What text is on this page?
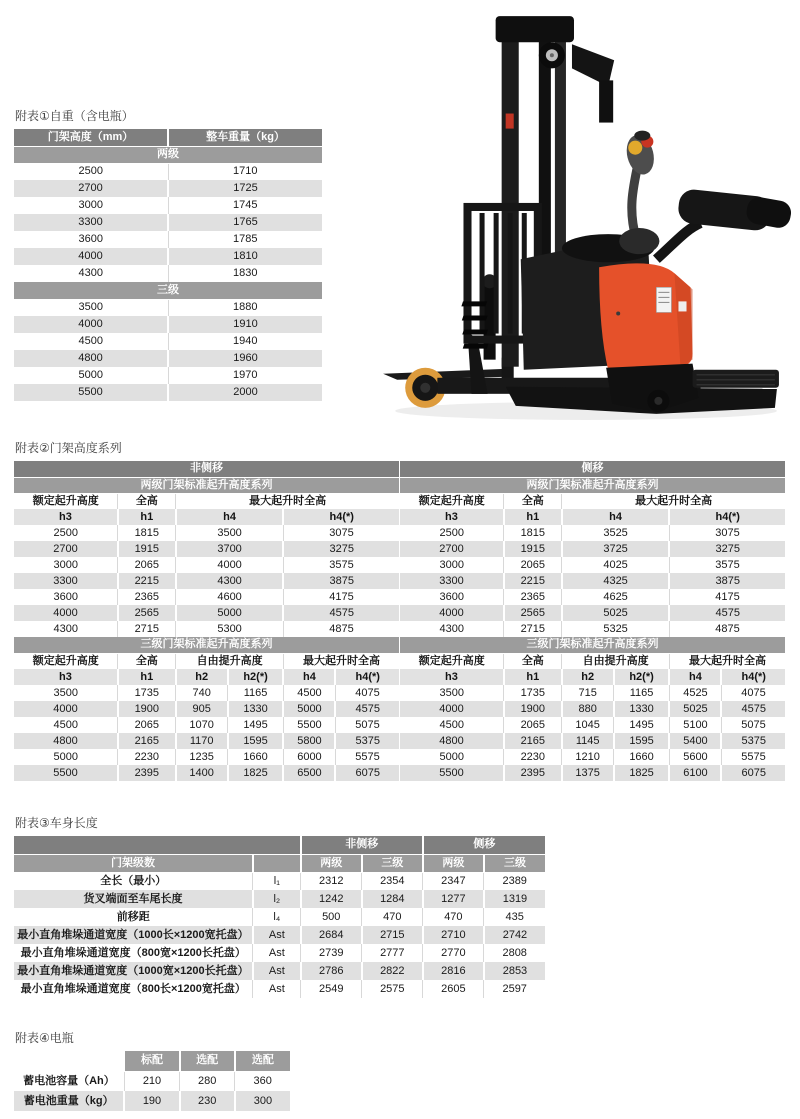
附表①自重（含电瓶）
门架高度（mm）	整车重量（kg）
两级	
2500	1710
2700	1725
3000	1745
3300	1765
3600	1785
4000	1810
4300	1830
三级	
3500	1880
4000	1910
4500	1940
4800	1960
5000	1970
5500	2000
附表②门架高度系列
非侧移					
两级门架标准起升高度系列					
额定起升高度	全高	最大起升时全高			
h3	h1	h4		h4(*)	
2500	1815	3500		3075	
2700	1915	3700		3275	
3000	2065	4000		3575	
3300	2215	4300		3875	
3600	2365	4600		4175	
4000	2565	5000		4575	
4300	2715	5300		4875	
三级门架标准起升高度系列					
额定起升高度	全高	自由提升高度		最大起升时全高	
h3	h1	h2	h2(*)	h4	h4(*)
3500	1735	740	1165	4500	4075
4000	1900	905	1330	5000	4575
4500	2065	1070	1495	5500	5075
4800	2165	1170	1595	5800	5375
5000	2230	1235	1660	6000	5575
5500	2395	1400	1825	6500	6075
侧移					
两级门架标准起升高度系列					
额定起升高度	全高	最大起升时全高			
h3	h1	h4		h4(*)	
2500	1815	3525		3075	
2700	1915	3725		3275	
3000	2065	4025		3575	
3300	2215	4325		3875	
3600	2365	4625		4175	
4000	2565	5025		4575	
4300	2715	5325		4875	
三级门架标准起升高度系列					
额定起升高度	全高	自由提升高度		最大起升时全高	
h3	h1	h2	h2(*)	h4	h4(*)
3500	1735	715	1165	4525	4075
4000	1900	880	1330	5025	4575
4500	2065	1045	1495	5100	5075
4800	2165	1145	1595	5400	5375
5000	2230	1210	1660	5600	5575
5500	2395	1375	1825	6100	6075
附表③车身长度
		非侧移		侧移	
门架级数		两级	三级	两级	三级
全长（最小）	l₁	2312	2354	2347	2389
货叉端面至车尾长度	l₂	1242	1284	1277	1319
前移距	l₄	500	470	470	435
最小直角堆垛通道宽度（1000长×1200宽托盘）	Ast	2684	2715	2710	2742
最小直角堆垛通道宽度（800宽×1200长托盘）	Ast	2739	2777	2770	2808
最小直角堆垛通道宽度（1000宽×1200长托盘）	Ast	2786	2822	2816	2853
最小直角堆垛通道宽度（800长×1200宽托盘）	Ast	2549	2575	2605	2597
附表④电瓶
	标配	选配	选配
蓄电池容量（Ah）	210	280	360
蓄电池重量（kg）	190	230	300
